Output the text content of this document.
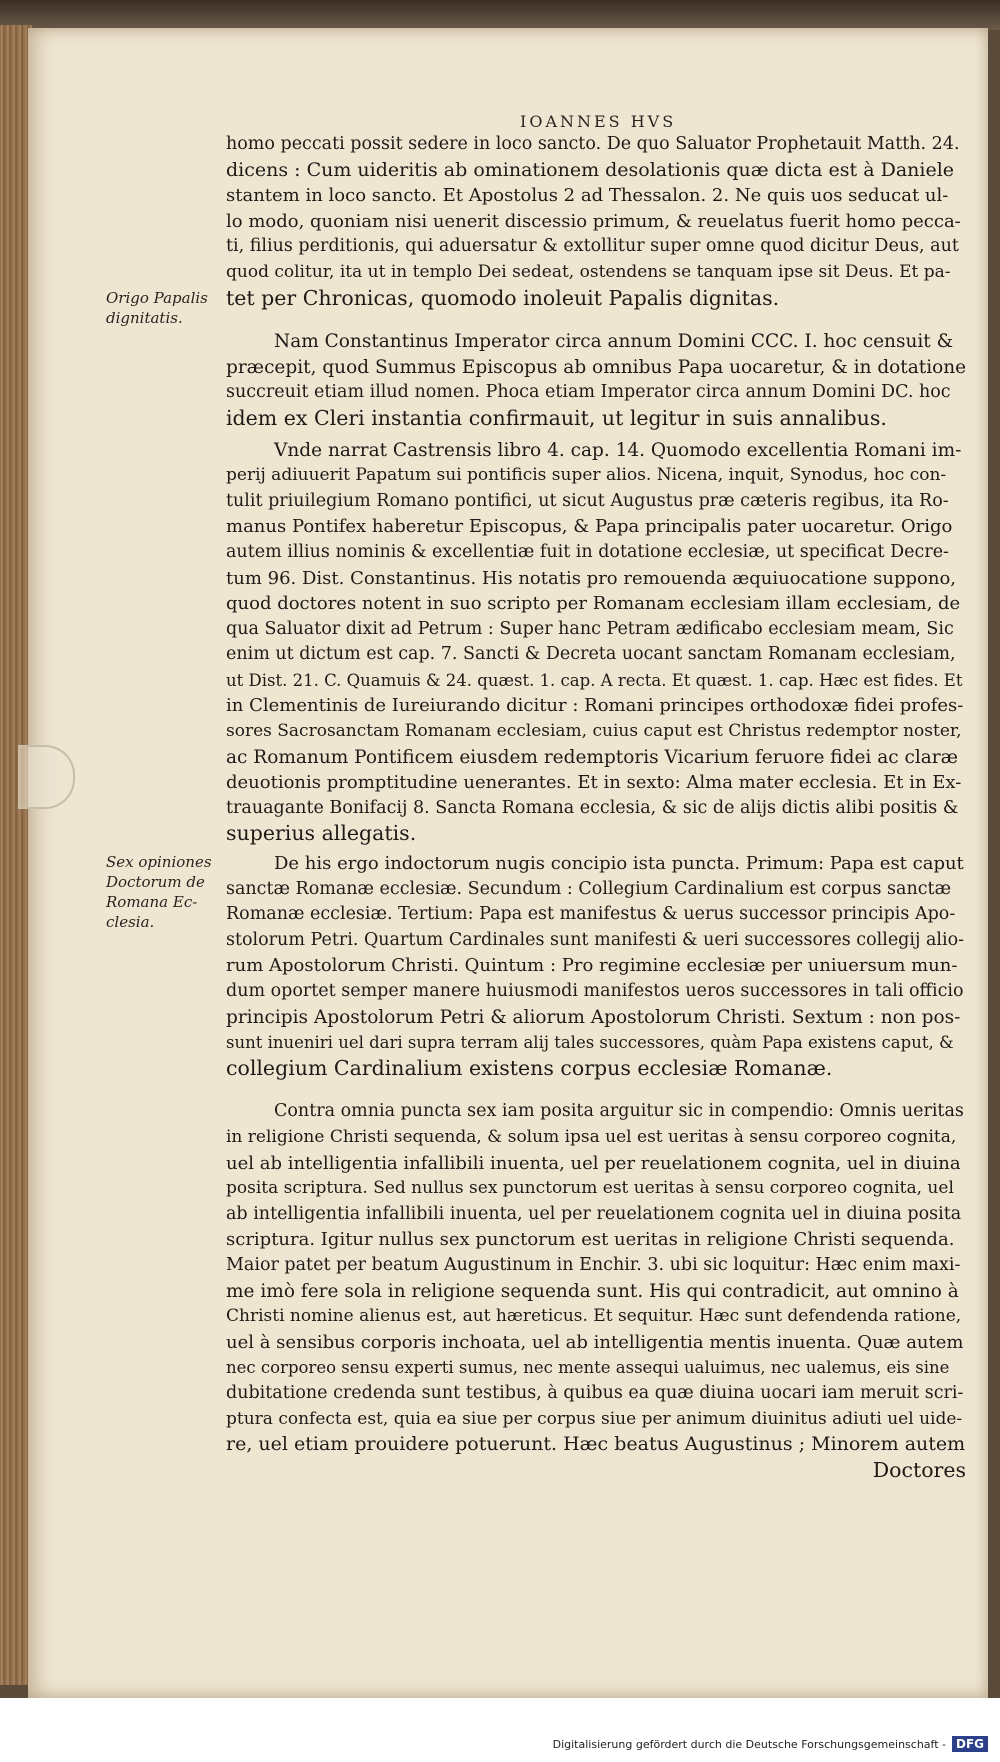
IOANNES HVS
Origo Papalis
dignitatis.
Sex opiniones
Doctorum de
Romana Ec-
clesia.

homo peccati possit sedere in loco sancto. De quo Saluator Prophetauit Matth. 24.
dicens : Cum uideritis ab ominationem desolationis quæ dicta est à Daniele
stantem in loco sancto. Et Apostolus 2 ad Thessalon. 2. Ne quis uos seducat ul-
lo modo, quoniam nisi uenerit discessio primum, & reuelatus fuerit homo pecca-
ti, filius perditionis, qui aduersatur & extollitur super omne quod dicitur Deus, aut
quod colitur, ita ut in templo Dei sedeat, ostendens se tanquam ipse sit Deus. Et pa-
tet per Chronicas, quomodo inoleuit Papalis dignitas.

Nam Constantinus Imperator circa annum Domini CCC. I. hoc censuit &
præcepit, quod Summus Episcopus ab omnibus Papa uocaretur, & in dotatione
succreuit etiam illud nomen. Phoca etiam Imperator circa annum Domini DC. hoc
idem ex Cleri instantia confirmauit, ut legitur in suis annalibus.

Vnde narrat Castrensis libro 4. cap. 14. Quomodo excellentia Romani im-
perij adiuuerit Papatum sui pontificis super alios. Nicena, inquit, Synodus, hoc con-
tulit priuilegium Romano pontifici, ut sicut Augustus præ cæteris regibus, ita Ro-
manus Pontifex haberetur Episcopus, & Papa principalis pater uocaretur. Origo
autem illius nominis & excellentiæ fuit in dotatione ecclesiæ, ut specificat Decre-
tum 96. Dist. Constantinus. His notatis pro remouenda æquiuocatione suppono,
quod doctores notent in suo scripto per Romanam ecclesiam illam ecclesiam, de
qua Saluator dixit ad Petrum : Super hanc Petram ædificabo ecclesiam meam, Sic
enim ut dictum est cap. 7. Sancti & Decreta uocant sanctam Romanam ecclesiam,
ut Dist. 21. C. Quamuis & 24. quæst. 1. cap. A recta. Et quæst. 1. cap. Hæc est fides. Et
in Clementinis de Iureiurando dicitur : Romani principes orthodoxæ fidei profes-
sores Sacrosanctam Romanam ecclesiam, cuius caput est Christus redemptor noster,
ac Romanum Pontificem eiusdem redemptoris Vicarium feruore fidei ac claræ
deuotionis promptitudine uenerantes. Et in sexto: Alma mater ecclesia. Et in Ex-
trauagante Bonifacij 8. Sancta Romana ecclesia, & sic de alijs dictis alibi positis &
superius allegatis.

De his ergo indoctorum nugis concipio ista puncta. Primum: Papa est caput
sanctæ Romanæ ecclesiæ. Secundum : Collegium Cardinalium est corpus sanctæ
Romanæ ecclesiæ. Tertium: Papa est manifestus & uerus successor principis Apo-
stolorum Petri. Quartum Cardinales sunt manifesti & ueri successores collegij alio-
rum Apostolorum Christi. Quintum : Pro regimine ecclesiæ per uniuersum mun-
dum oportet semper manere huiusmodi manifestos ueros successores in tali officio
principis Apostolorum Petri & aliorum Apostolorum Christi. Sextum : non pos-
sunt inueniri uel dari supra terram alij tales successores, quàm Papa existens caput, &
collegium Cardinalium existens corpus ecclesiæ Romanæ.

Contra omnia puncta sex iam posita arguitur sic in compendio: Omnis ueritas
in religione Christi sequenda, & solum ipsa uel est ueritas à sensu corporeo cognita,
uel ab intelligentia infallibili inuenta, uel per reuelationem cognita, uel in diuina
posita scriptura. Sed nullus sex punctorum est ueritas à sensu corporeo cognita, uel
ab intelligentia infallibili inuenta, uel per reuelationem cognita uel in diuina posita
scriptura. Igitur nullus sex punctorum est ueritas in religione Christi sequenda.
Maior patet per beatum Augustinum in Enchir. 3. ubi sic loquitur: Hæc enim maxi-
me imò fere sola in religione sequenda sunt. His qui contradicit, aut omnino à
Christi nomine alienus est, aut hæreticus. Et sequitur. Hæc sunt defendenda ratione,
uel à sensibus corporis inchoata, uel ab intelligentia mentis inuenta. Quæ autem
nec corporeo sensu experti sumus, nec mente assequi ualuimus, nec ualemus, eis sine
dubitatione credenda sunt testibus, à quibus ea quæ diuina uocari iam meruit scri-
ptura confecta est, quia ea siue per corpus siue per animum diuinitus adiuti uel uide-
re, uel etiam prouidere potuerunt. Hæc beatus Augustinus ; Minorem autem

Doctores

Digitalisierung gefördert durch die Deutsche Forschungsgemeinschaft - DFG
